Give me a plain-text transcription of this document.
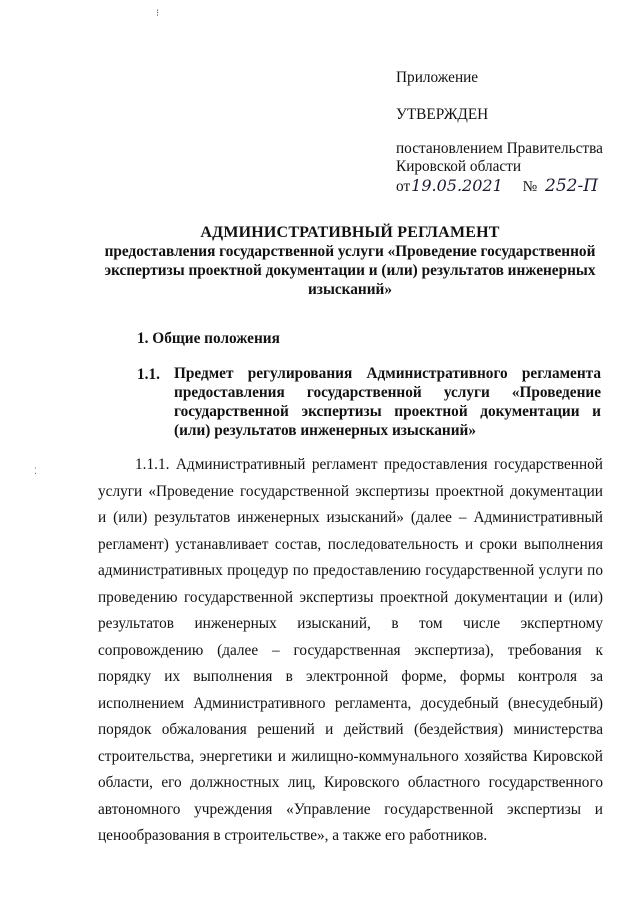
⁝
⁚
Приложение
УТВЕРЖДЕН
постановлением Правительства
Кировской области
от19.05.2021 № 252-П
АДМИНИСТРАТИВНЫЙ РЕГЛАМЕНТ
предоставления государственной услуги «Проведение государственной
экспертизы проектной документации и (или) результатов инженерных
изысканий»
1. Общие положения
1.1. Предмет регулирования Административного регламента
предоставления государственной услуги «Проведение
государственной экспертизы проектной документации и
(или) результатов инженерных изысканий»
1.1.1. Административный регламент предоставления государственной
услуги «Проведение государственной экспертизы проектной документации
и (или) результатов инженерных изысканий» (далее – Административный
регламент) устанавливает состав, последовательность и сроки выполнения
административных процедур по предоставлению государственной услуги по
проведению государственной экспертизы проектной документации и (или)
результатов инженерных изысканий, в том числе экспертному
сопровождению (далее – государственная экспертиза), требования к
порядку их выполнения в электронной форме, формы контроля за
исполнением Административного регламента, досудебный (внесудебный)
порядок обжалования решений и действий (бездействия) министерства
строительства, энергетики и жилищно-коммунального хозяйства Кировской
области, его должностных лиц, Кировского областного государственного
автономного учреждения «Управление государственной экспертизы и
ценообразования в строительстве», а также его работников.
